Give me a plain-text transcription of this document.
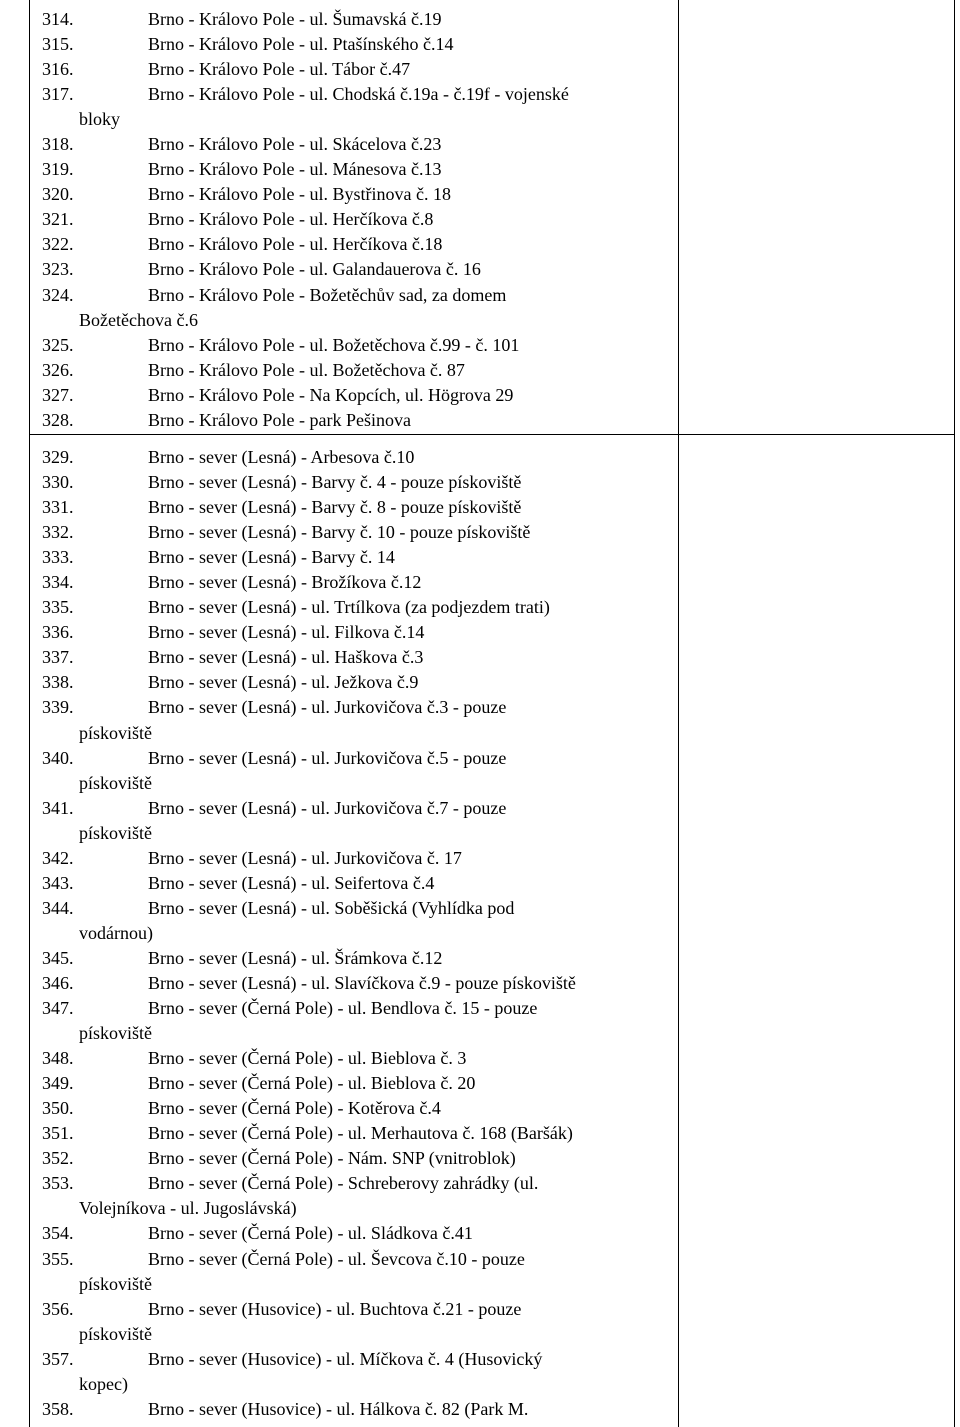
314.	Brno - Královo Pole - ul. Šumavská č.19
315.	Brno - Královo Pole - ul. Ptašínského č.14
316.	Brno - Královo Pole - ul. Tábor č.47
317.	Brno - Královo Pole - ul. Chodská č.19a - č.19f - vojenské
bloky
318.	Brno - Královo Pole - ul. Skácelova č.23
319.	Brno - Královo Pole - ul. Mánesova č.13
320.	Brno - Královo Pole - ul. Bystřinova č. 18
321.	Brno - Královo Pole - ul. Herčíkova č.8
322.	Brno - Královo Pole - ul. Herčíkova č.18
323.	Brno - Královo Pole - ul. Galandauerova č. 16
324.	Brno - Královo Pole - Božetěchův sad, za domem
Božetěchova č.6
325.	Brno - Královo Pole - ul. Božetěchova č.99 - č. 101
326.	Brno - Královo Pole - ul. Božetěchova č. 87
327.	Brno - Královo Pole - Na Kopcích, ul. Högrova 29
328.	Brno - Královo Pole - park Pešinova
329.	Brno - sever (Lesná) - Arbesova č.10
330.	Brno - sever (Lesná) - Barvy č. 4 - pouze pískoviště
331.	Brno - sever (Lesná) - Barvy č. 8 - pouze pískoviště
332.	Brno - sever (Lesná) - Barvy č. 10 - pouze pískoviště
333.	Brno - sever (Lesná) - Barvy č. 14
334.	Brno - sever (Lesná) - Brožíkova č.12
335.	Brno - sever (Lesná) - ul. Trtílkova (za podjezdem trati)
336.	Brno - sever (Lesná) - ul. Filkova č.14
337.	Brno - sever (Lesná) - ul. Haškova č.3
338.	Brno - sever (Lesná) - ul. Ježkova č.9
339.	Brno - sever (Lesná) - ul. Jurkovičova č.3 - pouze
pískoviště
340.	Brno - sever (Lesná) - ul. Jurkovičova č.5 - pouze
pískoviště
341.	Brno - sever (Lesná) - ul. Jurkovičova č.7 - pouze
pískoviště
342.	Brno - sever (Lesná) - ul. Jurkovičova č. 17
343.	Brno - sever (Lesná) - ul. Seifertova č.4
344.	Brno - sever (Lesná) - ul. Soběšická (Vyhlídka pod
vodárnou)
345.	Brno - sever (Lesná) - ul. Šrámkova č.12
346.	Brno - sever (Lesná) - ul. Slavíčkova č.9 - pouze pískoviště
347.	Brno - sever (Černá Pole) - ul. Bendlova č. 15 - pouze
pískoviště
348.	Brno - sever (Černá Pole) - ul. Bieblova č. 3
349.	Brno - sever (Černá Pole) - ul. Bieblova č. 20
350.	Brno - sever (Černá Pole) - Kotěrova č.4
351.	Brno - sever (Černá Pole) - ul. Merhautova č. 168 (Baršák)
352.	Brno - sever (Černá Pole) - Nám. SNP (vnitroblok)
353.	Brno - sever (Černá Pole) - Schreberovy zahrádky (ul.
Volejníkova - ul. Jugoslávská)
354.	Brno - sever (Černá Pole) - ul. Sládkova č.41
355.	Brno - sever (Černá Pole) - ul. Ševcova č.10 - pouze
pískoviště
356.	Brno - sever (Husovice) - ul. Buchtova č.21 - pouze
pískoviště
357.	Brno - sever (Husovice) - ul. Míčkova č. 4 (Husovický
kopec)
358.	Brno - sever (Husovice) - ul. Hálkova č. 82 (Park M.
